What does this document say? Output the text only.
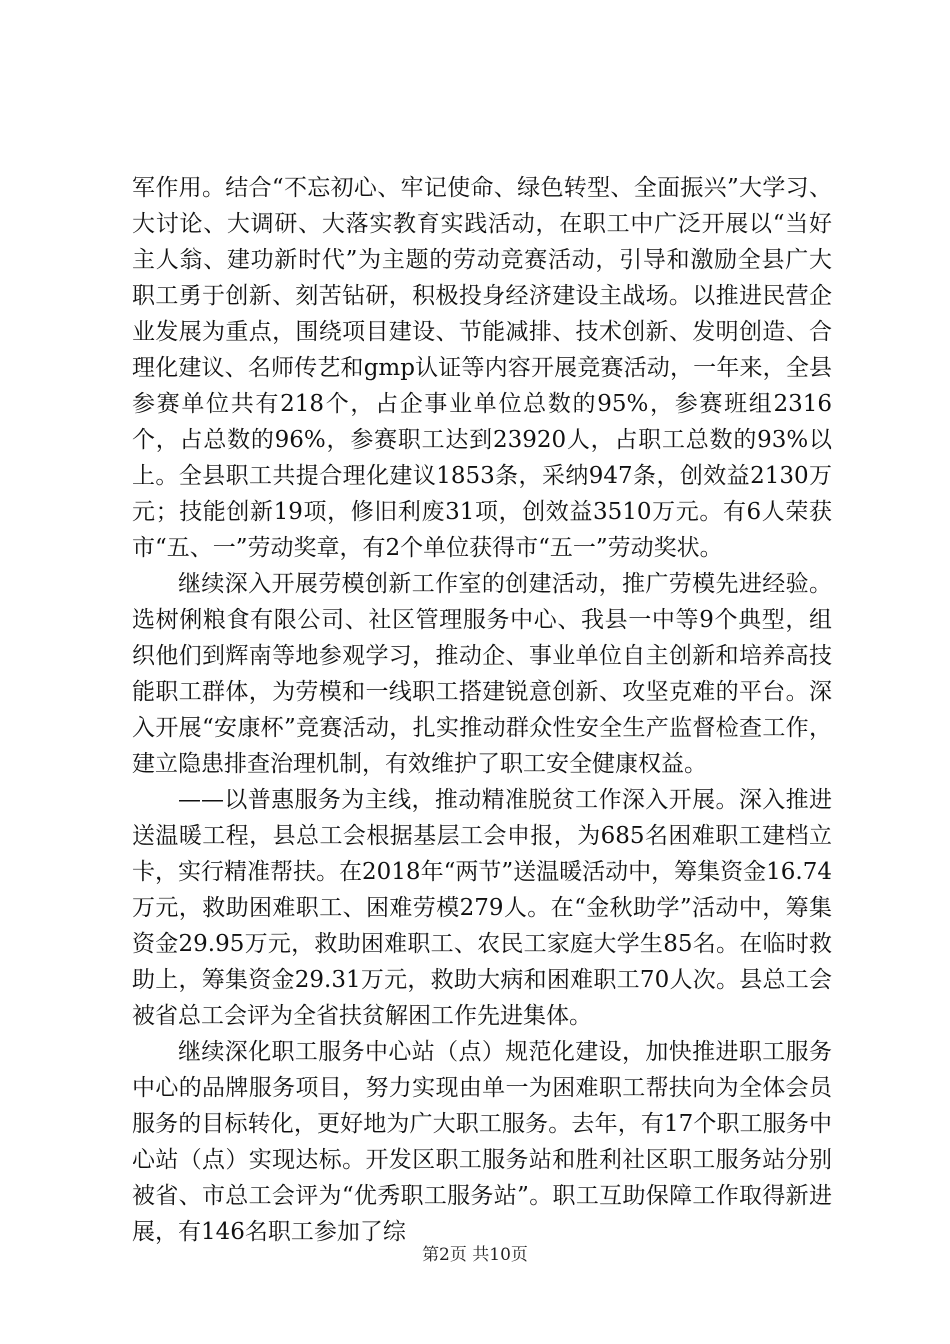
军作用。结合“不忘初心、牢记使命、绿色转型、全面振兴”大学习、大讨论、大调研、大落实教育实践活动，在职工中广泛开展以“当好主人翁、建功新时代”为主题的劳动竞赛活动，引导和激励全县广大职工勇于创新、刻苦钻研，积极投身经济建设主战场。以推进民营企业发展为重点，围绕项目建设、节能减排、技术创新、发明创造、合理化建议、名师传艺和gmp认证等内容开展竞赛活动，一年来，全县参赛单位共有218个，占企事业单位总数的95%，参赛班组2316个，占总数的96%，参赛职工达到23920人，占职工总数的93%以上。全县职工共提合理化建议1853条，采纳947条，创效益2130万元；技能创新19项，修旧利废31项，创效益3510万元。有6人荣获市“五、一”劳动奖章，有2个单位获得市“五一”劳动奖状。

继续深入开展劳模创新工作室的创建活动，推广劳模先进经验。选树俐粮食有限公司、社区管理服务中心、我县一中等9个典型，组织他们到辉南等地参观学习，推动企、事业单位自主创新和培养高技能职工群体，为劳模和一线职工搭建锐意创新、攻坚克难的平台。深入开展“安康杯”竞赛活动，扎实推动群众性安全生产监督检查工作，建立隐患排查治理机制，有效维护了职工安全健康权益。

——以普惠服务为主线，推动精准脱贫工作深入开展。深入推进送温暖工程，县总工会根据基层工会申报，为685名困难职工建档立卡，实行精准帮扶。在2018年“两节”送温暖活动中，筹集资金16.74万元，救助困难职工、困难劳模279人。在“金秋助学”活动中，筹集资金29.95万元，救助困难职工、农民工家庭大学生85名。在临时救助上，筹集资金29.31万元，救助大病和困难职工70人次。县总工会被省总工会评为全省扶贫解困工作先进集体。

继续深化职工服务中心站（点）规范化建设，加快推进职工服务中心的品牌服务项目，努力实现由单一为困难职工帮扶向为全体会员服务的目标转化，更好地为广大职工服务。去年，有17个职工服务中心站（点）实现达标。开发区职工服务站和胜利社区职工服务站分别被省、市总工会评为“优秀职工服务站”。职工互助保障工作取得新进展，有146名职工参加了综

第2页 共10页
